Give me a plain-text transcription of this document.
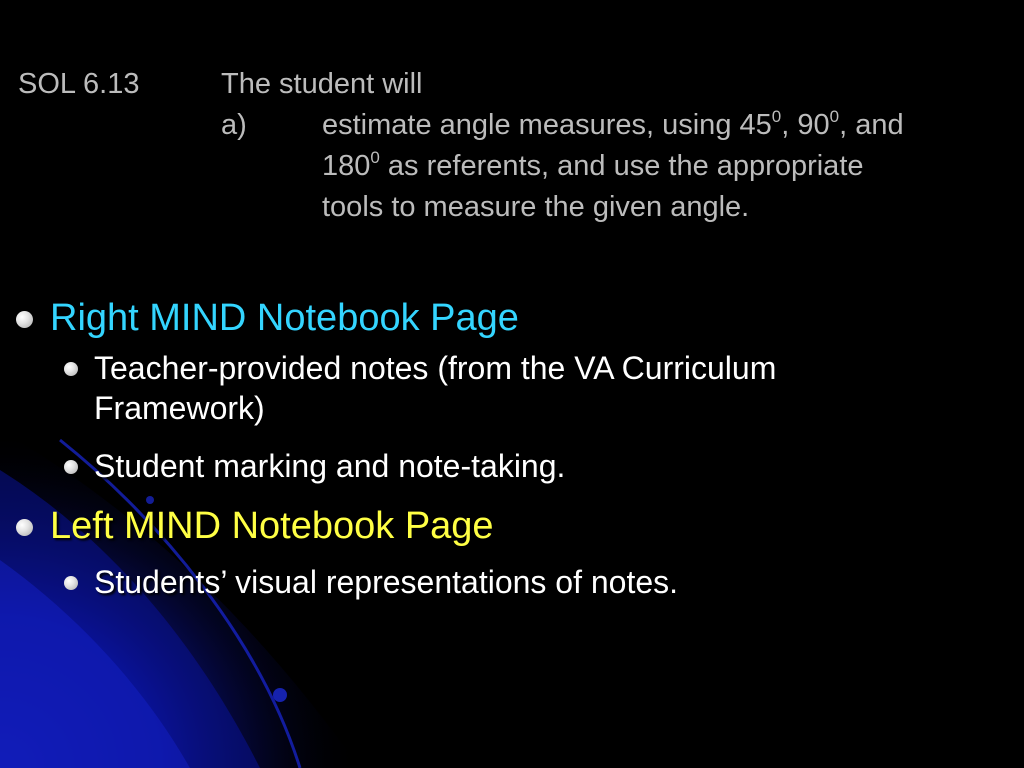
SOL 6.13	The student will
a)	estimate angle measures, using $45^0$, $90^0$, and
$180^0$ as referents, and use the appropriate
tools to measure the given angle.
Right MIND Notebook Page
Teacher-provided notes (from the VA Curriculum
Framework)
Student marking and note-taking.
Left MIND Notebook Page
Students’ visual representations of notes.
